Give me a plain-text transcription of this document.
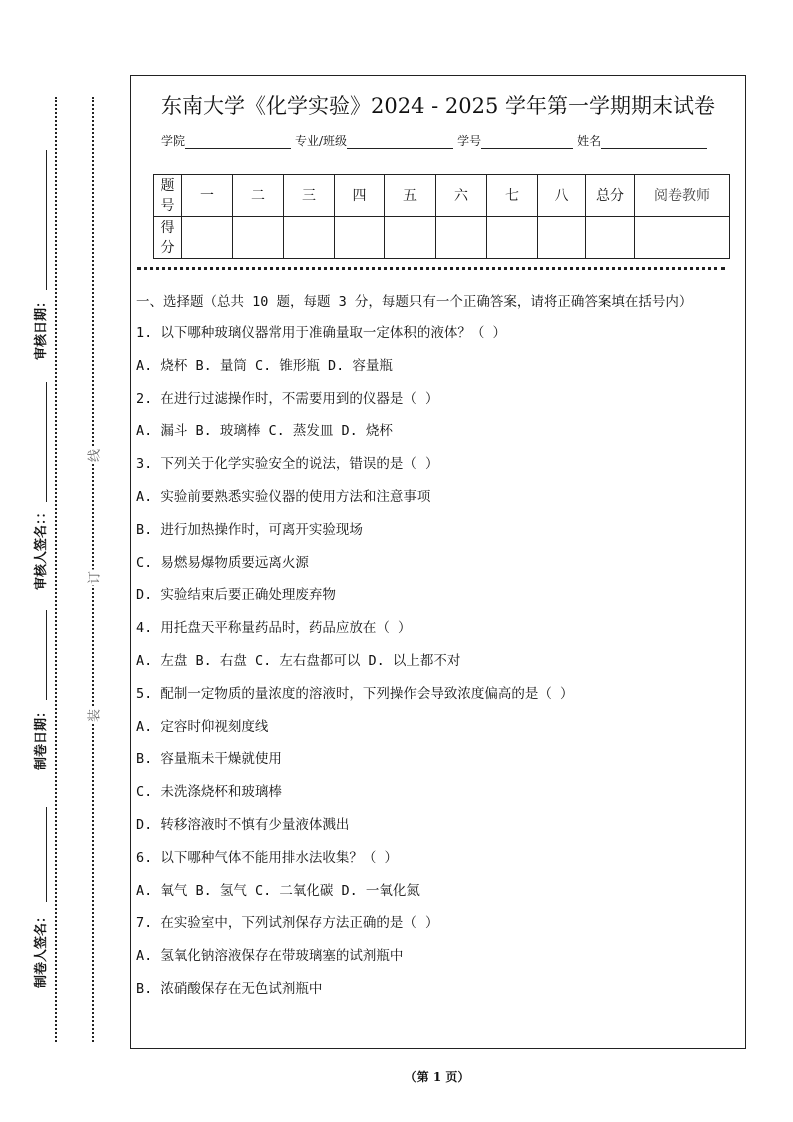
装
订
线
制卷人签名：
制卷日期：
审核人签名：：
审核日期：
东南大学《化学实验》2024 - 2025 学年第一学期期末试卷
学院	专业/班级	学号	姓名
题号	一	二	三	四	五	六	七	八	总分	阅卷教师
得分										
一、选择题（总共 10 题，每题 3 分，每题只有一个正确答案，请将正确答案填在括号内）
1. 以下哪种玻璃仪器常用于准确量取一定体积的液体？（ ）
A. 烧杯 B. 量筒 C. 锥形瓶 D. 容量瓶
2. 在进行过滤操作时，不需要用到的仪器是（ ）
A. 漏斗 B. 玻璃棒 C. 蒸发皿 D. 烧杯
3. 下列关于化学实验安全的说法，错误的是（ ）
A. 实验前要熟悉实验仪器的使用方法和注意事项
B. 进行加热操作时，可离开实验现场
C. 易燃易爆物质要远离火源
D. 实验结束后要正确处理废弃物
4. 用托盘天平称量药品时，药品应放在（ ）
A. 左盘 B. 右盘 C. 左右盘都可以 D. 以上都不对
5. 配制一定物质的量浓度的溶液时，下列操作会导致浓度偏高的是（ ）
A. 定容时仰视刻度线
B. 容量瓶未干燥就使用
C. 未洗涤烧杯和玻璃棒
D. 转移溶液时不慎有少量液体溅出
6. 以下哪种气体不能用排水法收集？（ ）
A. 氧气 B. 氢气 C. 二氧化碳 D. 一氧化氮
7. 在实验室中，下列试剂保存方法正确的是（ ）
A. 氢氧化钠溶液保存在带玻璃塞的试剂瓶中
B. 浓硝酸保存在无色试剂瓶中
（第 1 页）
